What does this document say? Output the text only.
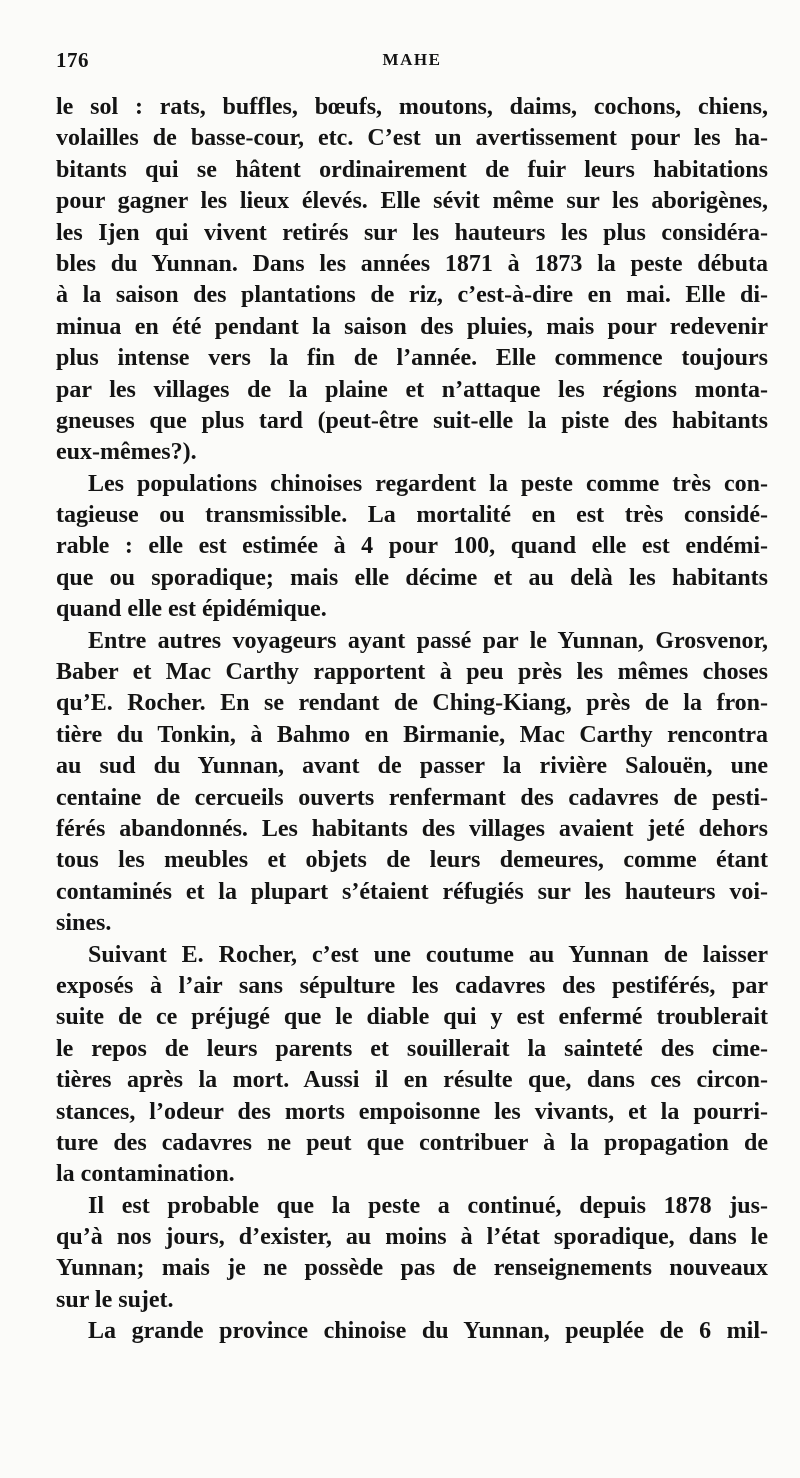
176	MAHE
le sol : rats, buffles, bœufs, moutons, daims, cochons, chiens,
volailles de basse-cour, etc. C’est un avertissement pour les ha-
bitants qui se hâtent ordinairement de fuir leurs habitations
pour gagner les lieux élevés. Elle sévit même sur les aborigènes,
les Ijen qui vivent retirés sur les hauteurs les plus considéra-
bles du Yunnan. Dans les années 1871 à 1873 la peste débuta
à la saison des plantations de riz, c’est-à-dire en mai. Elle di-
minua en été pendant la saison des pluies, mais pour redevenir
plus intense vers la fin de l’année. Elle commence toujours
par les villages de la plaine et n’attaque les régions monta-
gneuses que plus tard (peut-être suit-elle la piste des habitants
eux-mêmes?).
Les populations chinoises regardent la peste comme très con-
tagieuse ou transmissible. La mortalité en est très considé-
rable : elle est estimée à 4 pour 100, quand elle est endémi-
que ou sporadique; mais elle décime et au delà les habitants
quand elle est épidémique.
Entre autres voyageurs ayant passé par le Yunnan, Grosvenor,
Baber et Mac Carthy rapportent à peu près les mêmes choses
qu’E. Rocher. En se rendant de Ching-Kiang, près de la fron-
tière du Tonkin, à Bahmo en Birmanie, Mac Carthy rencontra
au sud du Yunnan, avant de passer la rivière Salouën, une
centaine de cercueils ouverts renfermant des cadavres de pesti-
férés abandonnés. Les habitants des villages avaient jeté dehors
tous les meubles et objets de leurs demeures, comme étant
contaminés et la plupart s’étaient réfugiés sur les hauteurs voi-
sines.
Suivant E. Rocher, c’est une coutume au Yunnan de laisser
exposés à l’air sans sépulture les cadavres des pestiférés, par
suite de ce préjugé que le diable qui y est enfermé troublerait
le repos de leurs parents et souillerait la sainteté des cime-
tières après la mort. Aussi il en résulte que, dans ces circon-
stances, l’odeur des morts empoisonne les vivants, et la pourri-
ture des cadavres ne peut que contribuer à la propagation de
la contamination.
Il est probable que la peste a continué, depuis 1878 jus-
qu’à nos jours, d’exister, au moins à l’état sporadique, dans le
Yunnan; mais je ne possède pas de renseignements nouveaux
sur le sujet.
La grande province chinoise du Yunnan, peuplée de 6 mil-
